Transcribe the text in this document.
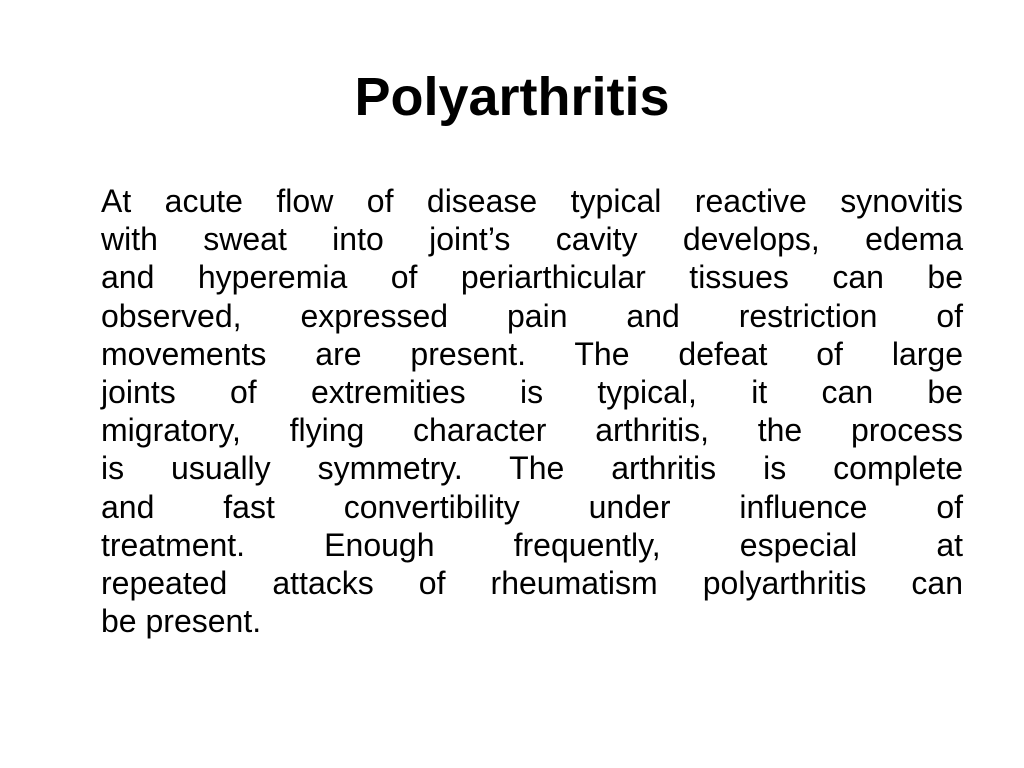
Polyarthritis
At acute flow of disease typical reactive synovitis
with sweat into joint’s cavity develops, edema
and hyperemia of periarthicular tissues can be
observed, expressed pain and restriction of
movements are present. The defeat of large
joints of extremities is typical, it can be
migratory, flying character arthritis, the process
is usually symmetry. The arthritis is complete
and fast convertibility under influence of
treatment. Enough frequently, especial at
repeated attacks of rheumatism polyarthritis can
be present.
